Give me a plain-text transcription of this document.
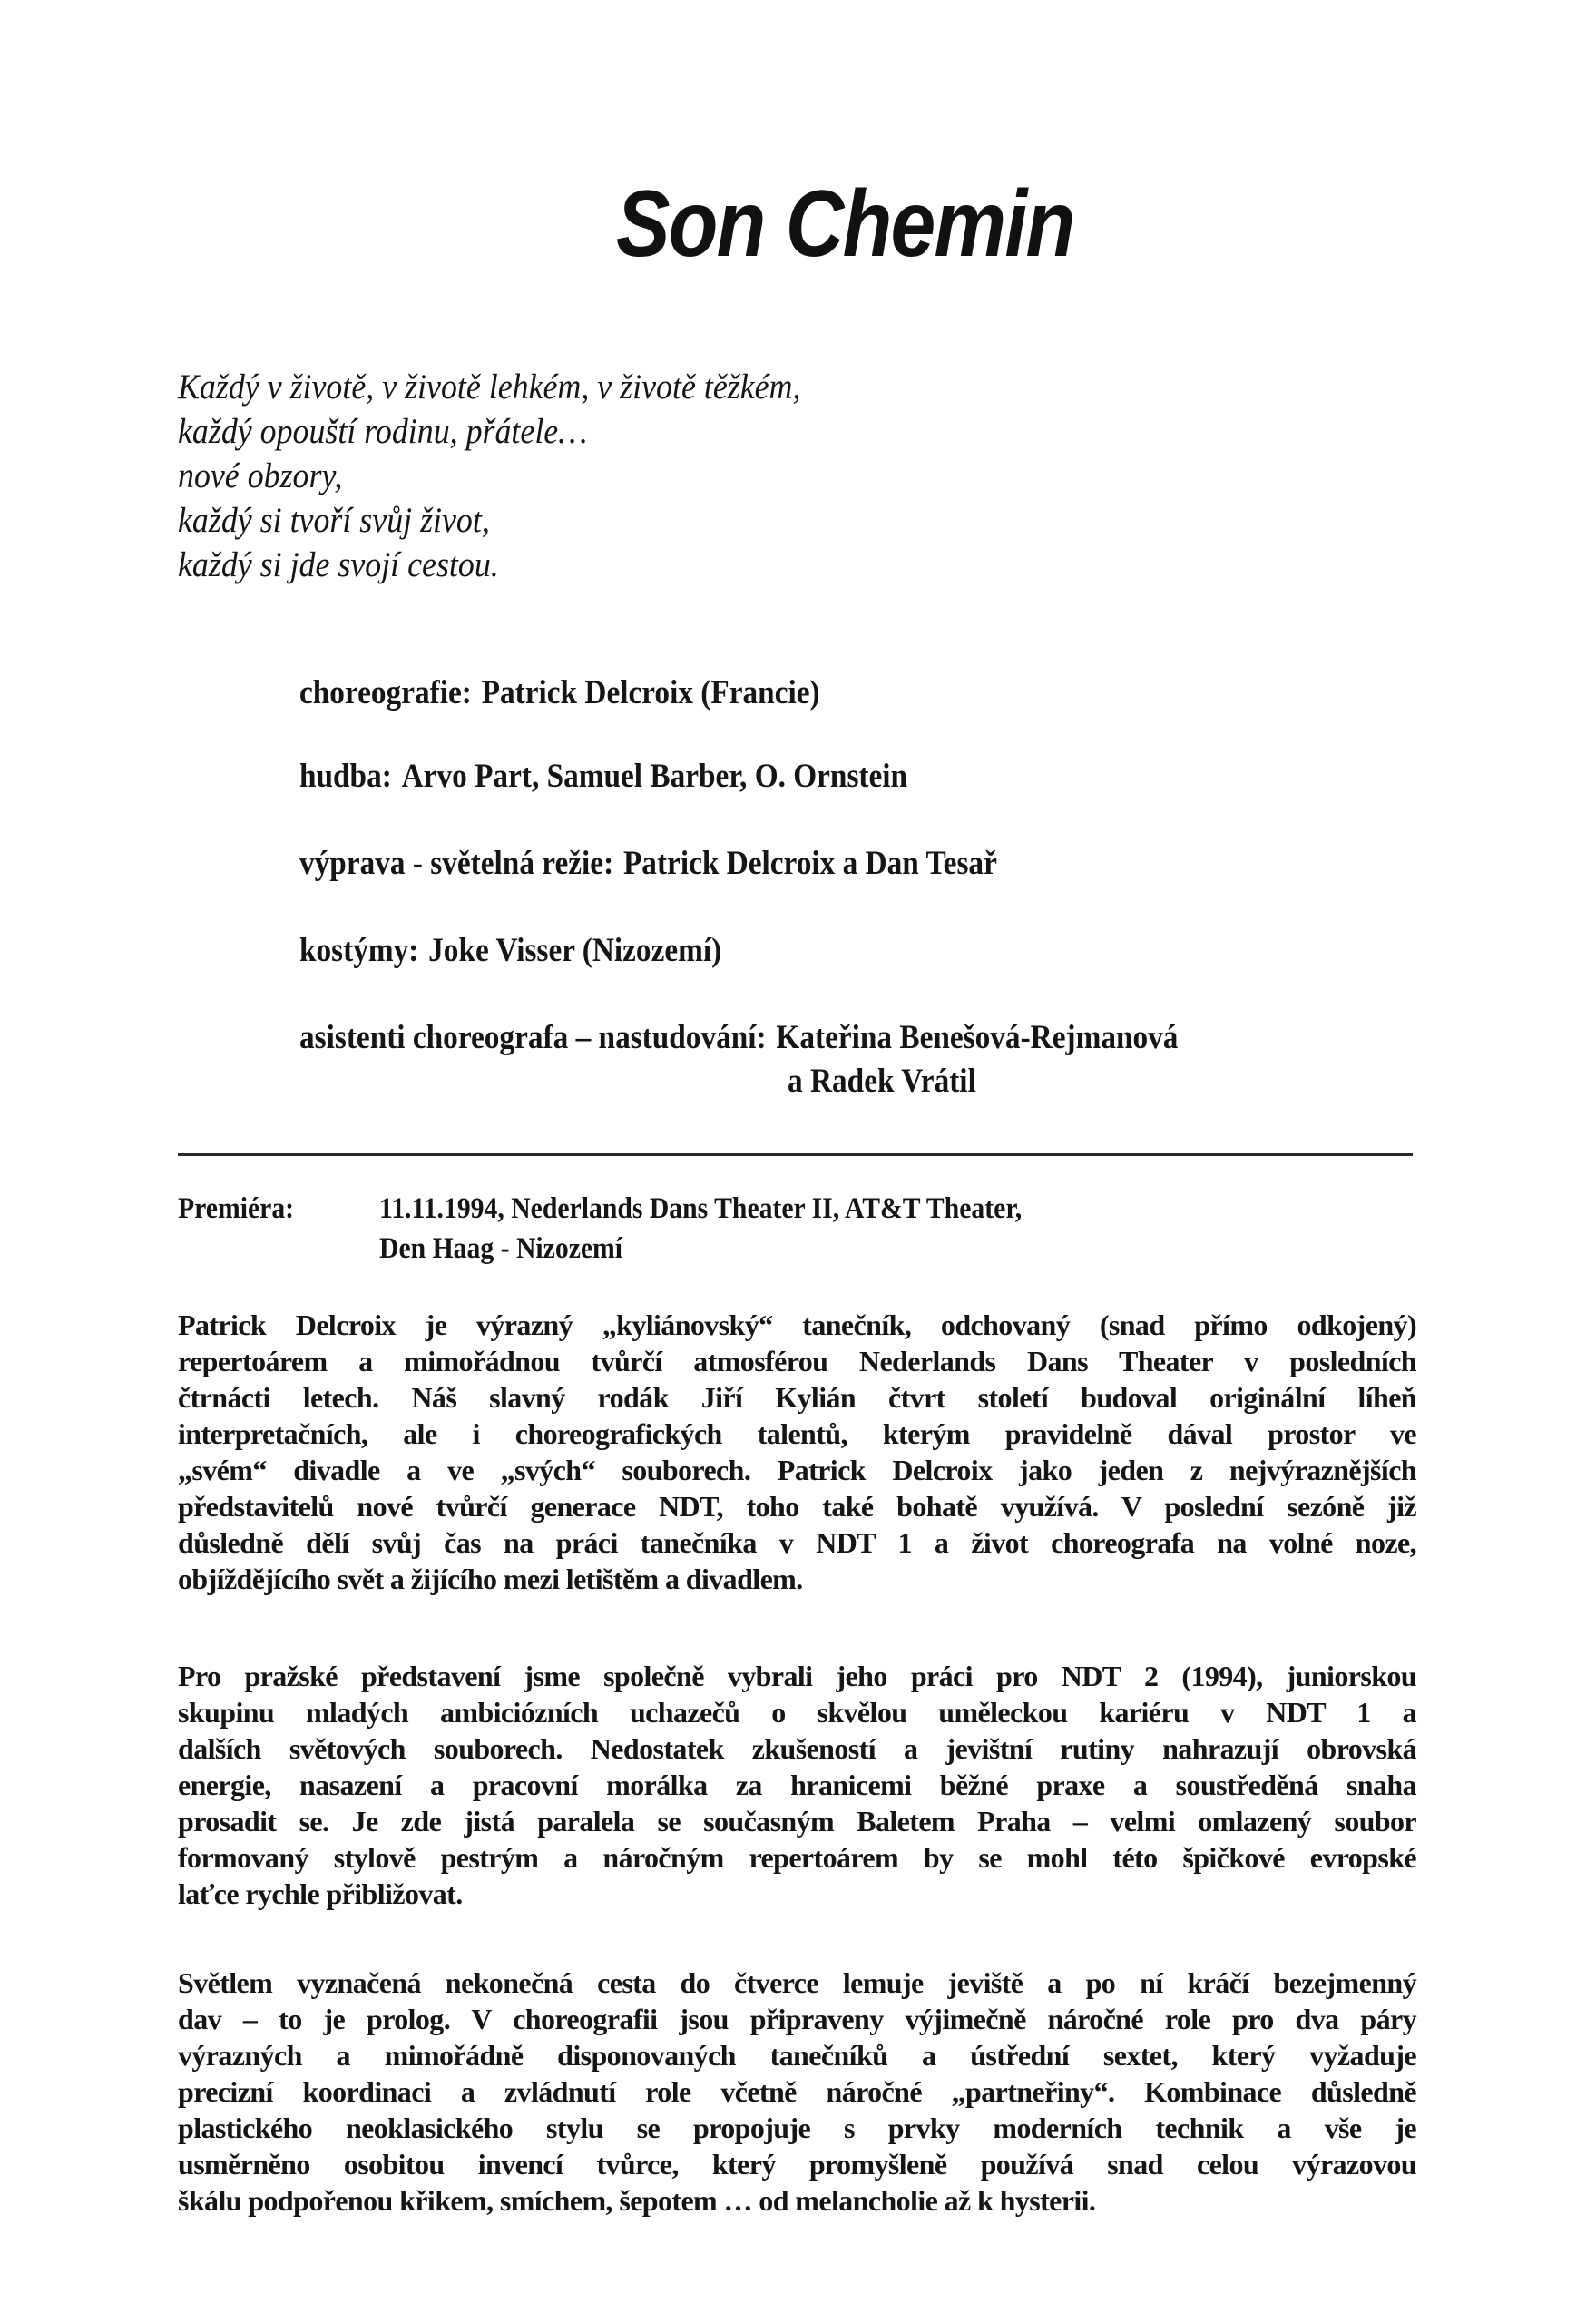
Son Chemin
Každý v životě, v životě lehkém, v životě těžkém,
každý opouští rodinu, přátele…
nové obzory,
každý si tvoří svůj život,
každý si jde svojí cestou.
choreografie: Patrick Delcroix (Francie)
hudba: Arvo Part, Samuel Barber, O. Ornstein
výprava - světelná režie: Patrick Delcroix a Dan Tesař
kostýmy: Joke Visser (Nizozemí)
asistenti choreografa – nastudování: Kateřina Benešová-Rejmanová
a Radek Vrátil
Premiéra:	11.11.1994, Nederlands Dans Theater II, AT&T Theater,
Den Haag - Nizozemí
Patrick Delcroix je výrazný „kyliánovský“ tanečník, odchovaný (snad přímo odkojený)
repertoárem a mimořádnou tvůrčí atmosférou Nederlands Dans Theater v posledních
čtrnácti letech. Náš slavný rodák Jiří Kylián čtvrt století budoval originální líheň
interpretačních, ale i choreografických talentů, kterým pravidelně dával prostor ve
„svém“ divadle a ve „svých“ souborech. Patrick Delcroix jako jeden z nejvýraznějších
představitelů nové tvůrčí generace NDT, toho také bohatě využívá. V poslední sezóně již
důsledně dělí svůj čas na práci tanečníka v NDT 1 a život choreografa na volné noze,
objíždějícího svět a žijícího mezi letištěm a divadlem.
Pro pražské představení jsme společně vybrali jeho práci pro NDT 2 (1994), juniorskou
skupinu mladých ambiciózních uchazečů o skvělou uměleckou kariéru v NDT 1 a
dalších světových souborech. Nedostatek zkušeností a jevištní rutiny nahrazují obrovská
energie, nasazení a pracovní morálka za hranicemi běžné praxe a soustředěná snaha
prosadit se. Je zde jistá paralela se současným Baletem Praha – velmi omlazený soubor
formovaný stylově pestrým a náročným repertoárem by se mohl této špičkové evropské
laťce rychle přibližovat.
Světlem vyznačená nekonečná cesta do čtverce lemuje jeviště a po ní kráčí bezejmenný
dav – to je prolog. V choreografii jsou připraveny výjimečně náročné role pro dva páry
výrazných a mimořádně disponovaných tanečníků a ústřední sextet, který vyžaduje
precizní koordinaci a zvládnutí role včetně náročné „partneřiny“. Kombinace důsledně
plastického neoklasického stylu se propojuje s prvky moderních technik a vše je
usměrněno osobitou invencí tvůrce, který promyšleně používá snad celou výrazovou
škálu podpořenou křikem, smíchem, šepotem … od melancholie až k hysterii.
